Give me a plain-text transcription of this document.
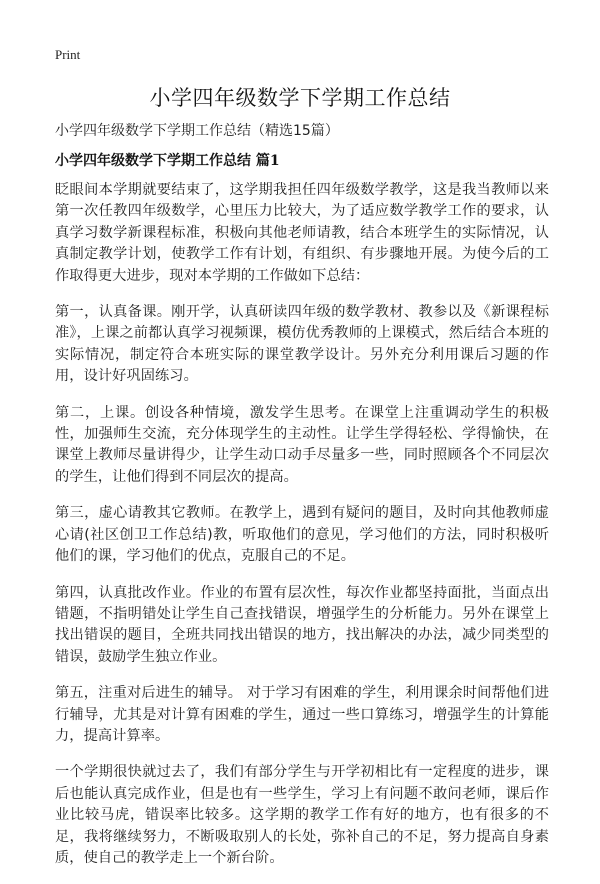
Print
小学四年级数学下学期工作总结
小学四年级数学下学期工作总结（精选15篇）
小学四年级数学下学期工作总结 篇1

眨眼间本学期就要结束了，这学期我担任四年级数学教学，这是我当教师以来第一次任教四年级数学，心里压力比较大，为了适应数学教学工作的要求，认真学习数学新课程标准，积极向其他老师请教，结合本班学生的实际情况，认真制定教学计划，使教学工作有计划，有组织、有步骤地开展。为使今后的工作取得更大进步，现对本学期的工作做如下总结：

第一，认真备课。刚开学，认真研读四年级的数学教材、教参以及《新课程标准》，上课之前都认真学习视频课，模仿优秀教师的上课模式，然后结合本班的实际情况，制定符合本班实际的课堂教学设计。另外充分利用课后习题的作用，设计好巩固练习。

第二，上课。创设各种情境，激发学生思考。在课堂上注重调动学生的积极性，加强师生交流，充分体现学生的主动性。让学生学得轻松、学得愉快，在课堂上教师尽量讲得少，让学生动口动手尽量多一些，同时照顾各个不同层次的学生，让他们得到不同层次的提高。

第三，虚心请教其它教师。在教学上，遇到有疑问的题目，及时向其他教师虚心请(社区创卫工作总结)教，听取他们的意见，学习他们的方法，同时积极听他们的课，学习他们的优点，克服自己的不足。

第四，认真批改作业。作业的布置有层次性，每次作业都坚持面批，当面点出错题，不指明错处让学生自己查找错误，增强学生的分析能力。另外在课堂上找出错误的题目，全班共同找出错误的地方，找出解决的办法，减少同类型的错误，鼓励学生独立作业。

第五，注重对后进生的辅导。 对于学习有困难的学生，利用课余时间帮他们进行辅导，尤其是对计算有困难的学生，通过一些口算练习，增强学生的计算能力，提高计算率。

一个学期很快就过去了，我们有部分学生与开学初相比有一定程度的进步，课后也能认真完成作业，但是也有一些学生，学习上有问题不敢问老师，课后作业比较马虎，错误率比较多。这学期的教学工作有好的地方，也有很多的不足，我将继续努力，不断吸取别人的长处，弥补自己的不足，努力提高自身素质，使自己的教学走上一个新台阶。
